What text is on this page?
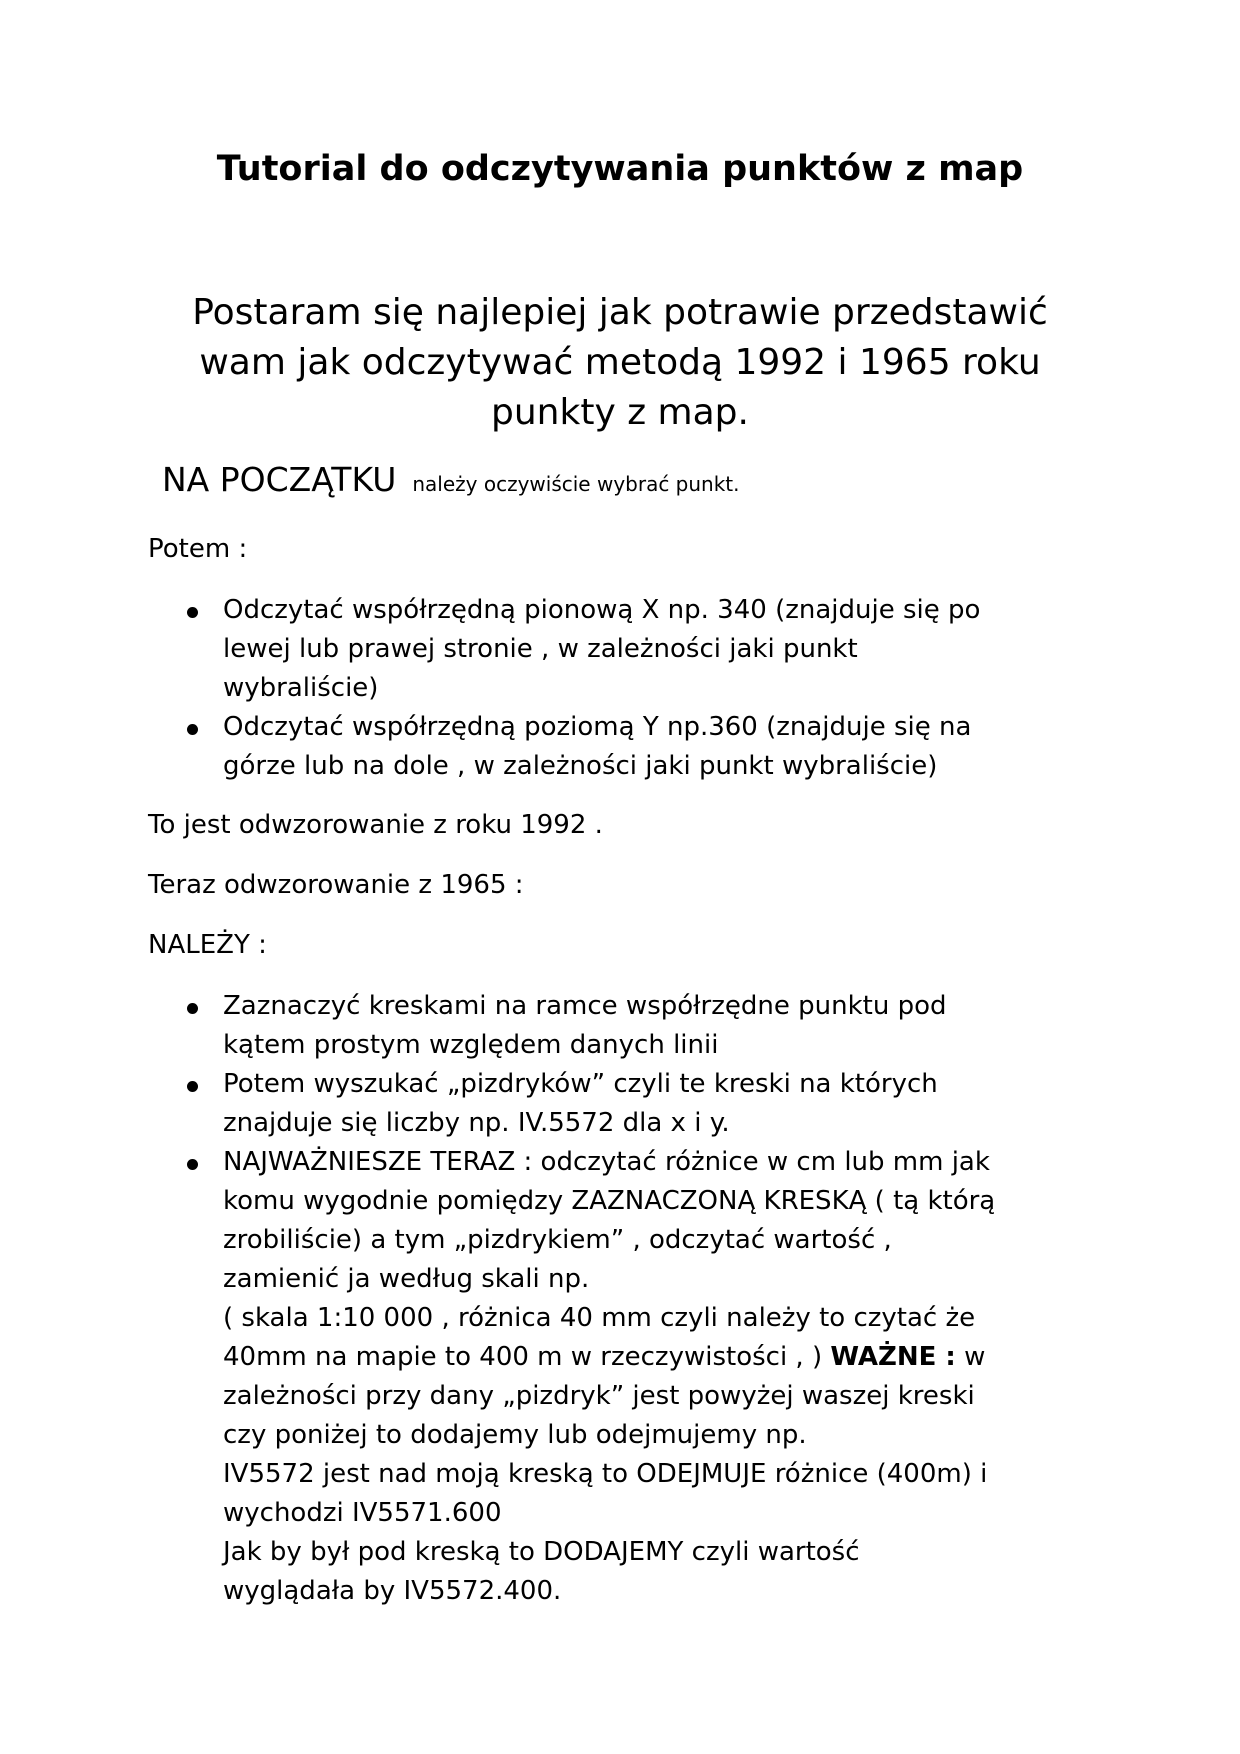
Tutorial do odczytywania punktów z map

Postaram się najlepiej jak potrawie przedstawić
wam jak odczytywać metodą 1992 i 1965 roku
punkty z map.

NA POCZĄTKU należy oczywiście wybrać punkt.

Potem :

Odczytać współrzędną pionową X np. 340 (znajduje się po
lewej lub prawej stronie , w zależności jaki punkt
wybraliście)
Odczytać współrzędną poziomą Y np.360 (znajduje się na
górze lub na dole , w zależności jaki punkt wybraliście)

To jest odwzorowanie z roku 1992 .

Teraz odwzorowanie z 1965 :

NALEŻY :

Zaznaczyć kreskami na ramce współrzędne punktu pod
kątem prostym względem danych linii
Potem wyszukać „pizdryków” czyli te kreski na których
znajduje się liczby np. IV.5572 dla x i y.
NAJWAŻNIESZE TERAZ : odczytać różnice w cm lub mm jak
komu wygodnie pomiędzy ZAZNACZONĄ KRESKĄ ( tą którą
zrobiliście) a tym „pizdrykiem” , odczytać wartość ,
zamienić ja według skali np.
( skala 1:10 000 , różnica 40 mm czyli należy to czytać że
40mm na mapie to 400 m w rzeczywistości , ) WAŻNE : w
zależności przy dany „pizdryk” jest powyżej waszej kreski
czy poniżej to dodajemy lub odejmujemy np.
IV5572 jest nad moją kreską to ODEJMUJE różnice (400m) i
wychodzi IV5571.600
Jak by był pod kreską to DODAJEMY czyli wartość
wyglądała by IV5572.400.
